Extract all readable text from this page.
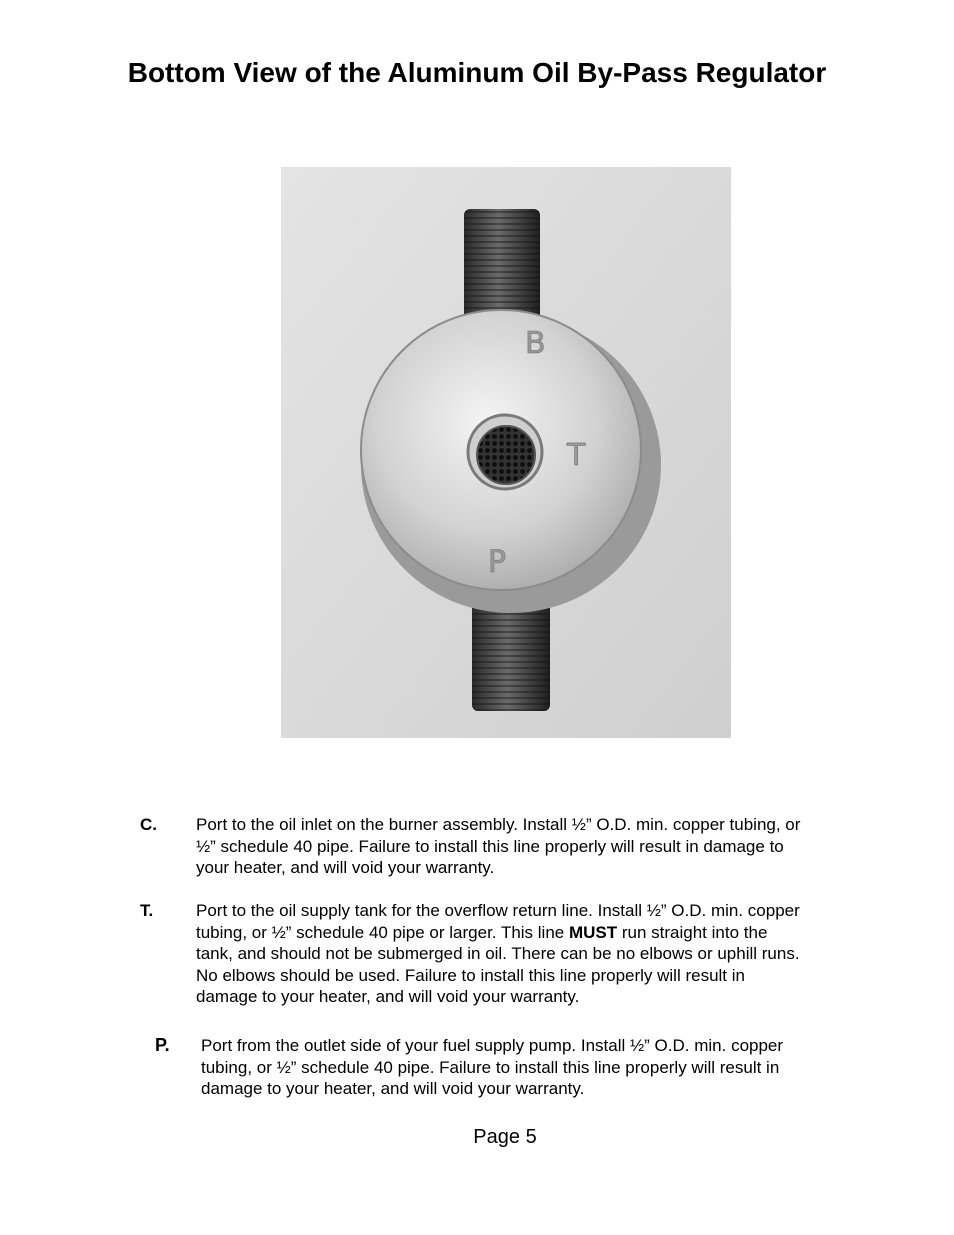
Bottom View of the Aluminum Oil By-Pass Regulator
B
T
P
C. Port to the oil inlet on the burner assembly. Install ½” O.D. min. copper tubing, or
½” schedule 40 pipe. Failure to install this line properly will result in damage to
your heater, and will void your warranty.
T.	Port to the oil supply tank for the overflow return line. Install ½” O.D. min. copper
tubing, or ½” schedule 40 pipe or larger. This line MUST run straight into the
tank, and should not be submerged in oil. There can be no elbows or uphill runs.
No elbows should be used. Failure to install this line properly will result in
damage to your heater, and will void your warranty.
P. Port from the outlet side of your fuel supply pump. Install ½” O.D. min. copper
tubing, or ½” schedule 40 pipe. Failure to install this line properly will result in
damage to your heater, and will void your warranty.
Page 5
